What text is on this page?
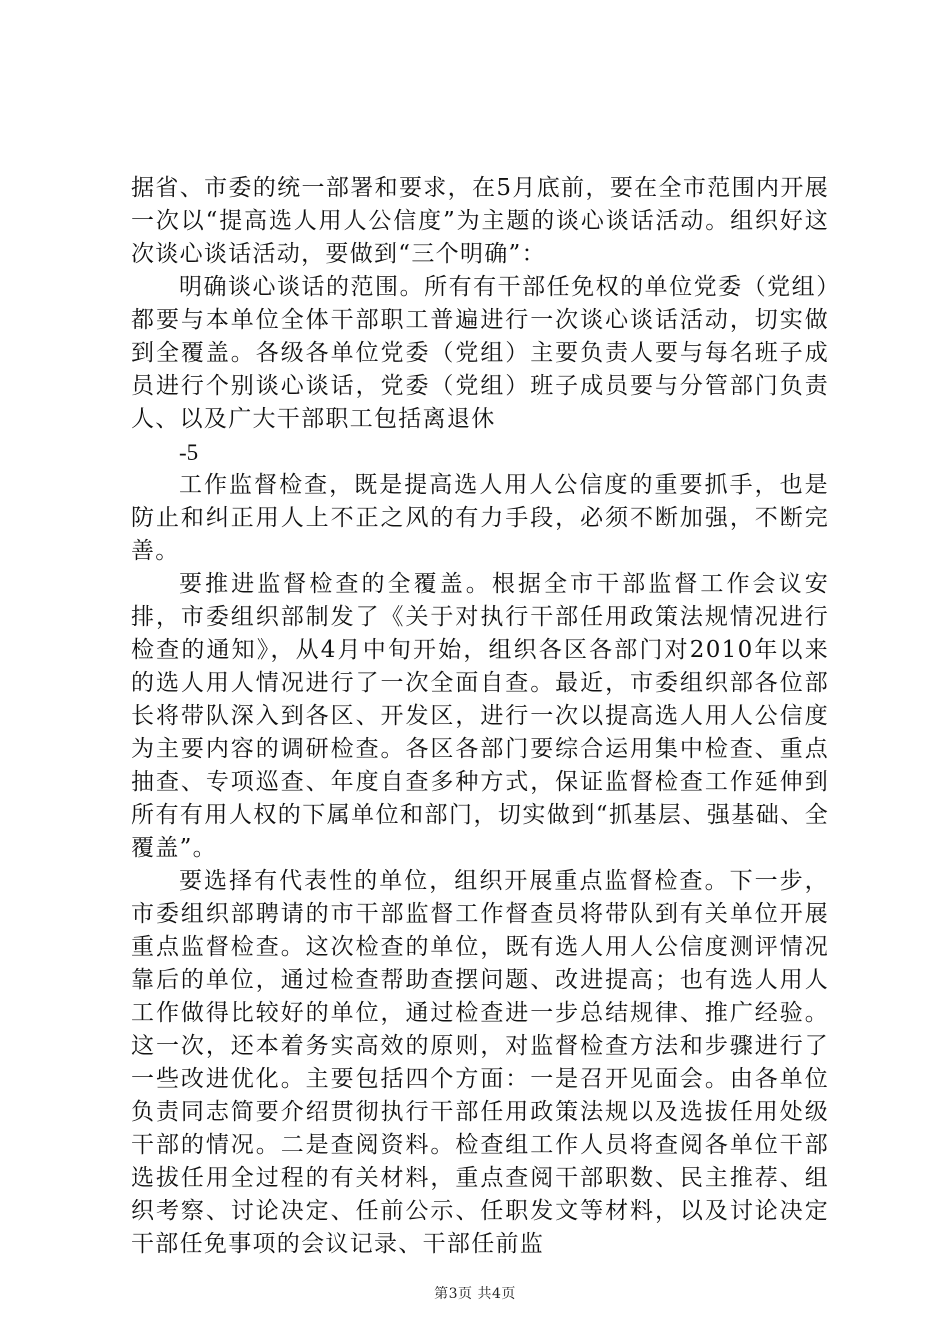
据省、市委的统一部署和要求，在5月底前，要在全市范围内开展一次以“提高选人用人公信度”为主题的谈心谈话活动。组织好这次谈心谈话活动，要做到“三个明确”：

明确谈心谈话的范围。所有有干部任免权的单位党委（党组）都要与本单位全体干部职工普遍进行一次谈心谈话活动，切实做到全覆盖。各级各单位党委（党组）主要负责人要与每名班子成员进行个别谈心谈话，党委（党组）班子成员要与分管部门负责人、以及广大干部职工包括离退休

-5

工作监督检查，既是提高选人用人公信度的重要抓手，也是防止和纠正用人上不正之风的有力手段，必须不断加强，不断完善。

要推进监督检查的全覆盖。根据全市干部监督工作会议安排，市委组织部制发了《关于对执行干部任用政策法规情况进行检查的通知》，从4月中旬开始，组织各区各部门对2010年以来的选人用人情况进行了一次全面自查。最近，市委组织部各位部长将带队深入到各区、开发区，进行一次以提高选人用人公信度为主要内容的调研检查。各区各部门要综合运用集中检查、重点抽查、专项巡查、年度自查多种方式，保证监督检查工作延伸到所有有用人权的下属单位和部门，切实做到“抓基层、强基础、全覆盖”。

要选择有代表性的单位，组织开展重点监督检查。下一步，市委组织部聘请的市干部监督工作督查员将带队到有关单位开展重点监督检查。这次检查的单位，既有选人用人公信度测评情况靠后的单位，通过检查帮助查摆问题、改进提高；也有选人用人工作做得比较好的单位，通过检查进一步总结规律、推广经验。这一次，还本着务实高效的原则，对监督检查方法和步骤进行了一些改进优化。主要包括四个方面：一是召开见面会。由各单位负责同志简要介绍贯彻执行干部任用政策法规以及选拔任用处级干部的情况。二是查阅资料。检查组工作人员将查阅各单位干部选拔任用全过程的有关材料，重点查阅干部职数、民主推荐、组织考察、讨论决定、任前公示、任职发文等材料，以及讨论决定干部任免事项的会议记录、干部任前监

第3页 共4页
